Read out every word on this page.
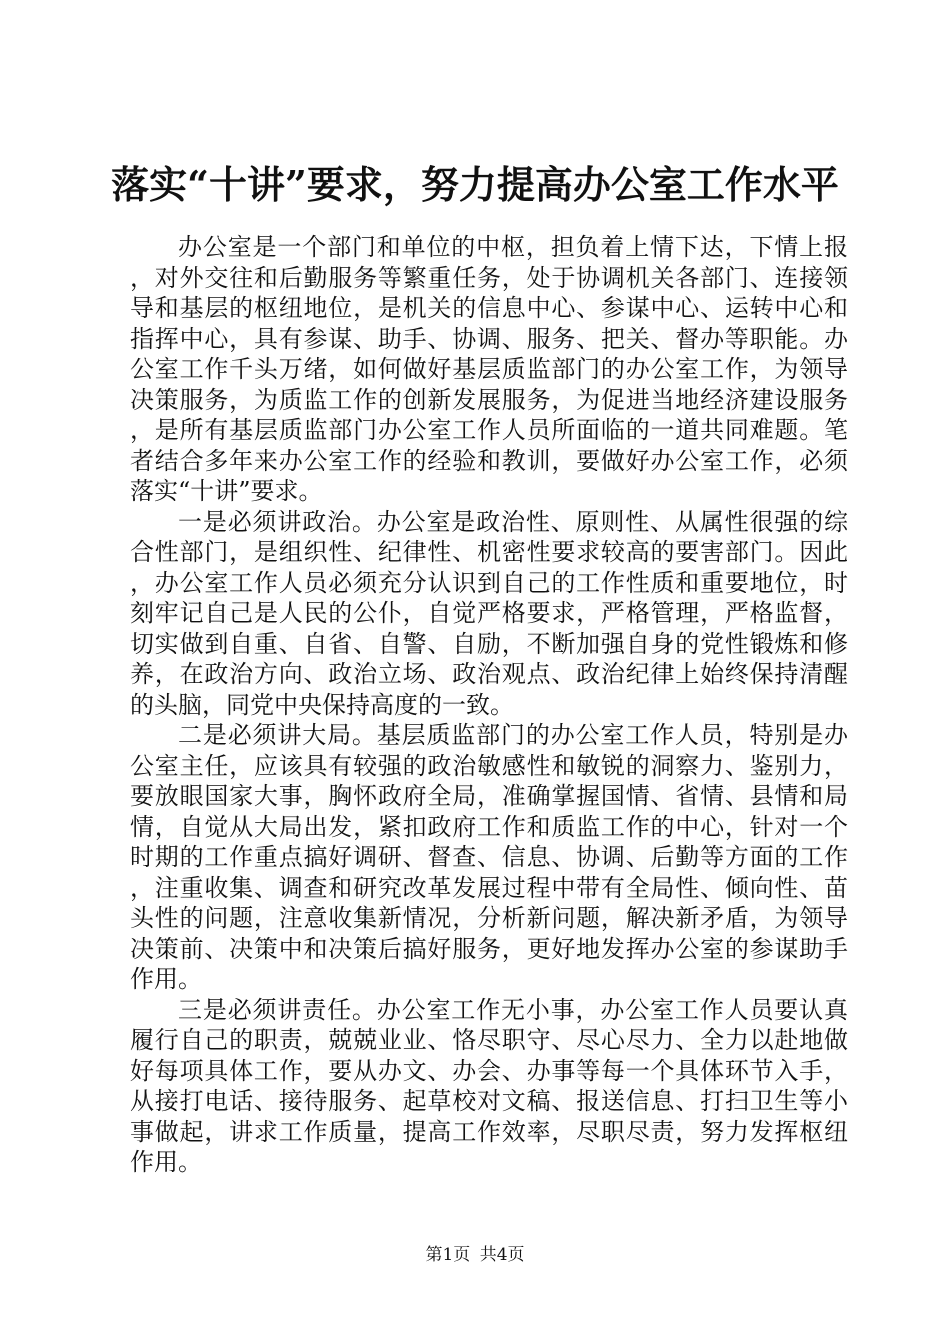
落实“十讲”要求，努力提高办公室工作水平

办公室是一个部门和单位的中枢，担负着上情下达，下情上报，对外交往和后勤服务等繁重任务，处于协调机关各部门、连接领导和基层的枢纽地位，是机关的信息中心、参谋中心、运转中心和指挥中心，具有参谋、助手、协调、服务、把关、督办等职能。办公室工作千头万绪，如何做好基层质监部门的办公室工作，为领导决策服务，为质监工作的创新发展服务，为促进当地经济建设服务，是所有基层质监部门办公室工作人员所面临的一道共同难题。笔者结合多年来办公室工作的经验和教训，要做好办公室工作，必须落实“十讲”要求。

一是必须讲政治。办公室是政治性、原则性、从属性很强的综合性部门，是组织性、纪律性、机密性要求较高的要害部门。因此，办公室工作人员必须充分认识到自己的工作性质和重要地位，时刻牢记自己是人民的公仆，自觉严格要求，严格管理，严格监督，切实做到自重、自省、自警、自励，不断加强自身的党性锻炼和修养，在政治方向、政治立场、政治观点、政治纪律上始终保持清醒的头脑，同党中央保持高度的一致。

二是必须讲大局。基层质监部门的办公室工作人员，特别是办公室主任，应该具有较强的政治敏感性和敏锐的洞察力、鉴别力，要放眼国家大事，胸怀政府全局，准确掌握国情、省情、县情和局情，自觉从大局出发，紧扣政府工作和质监工作的中心，针对一个时期的工作重点搞好调研、督查、信息、协调、后勤等方面的工作，注重收集、调查和研究改革发展过程中带有全局性、倾向性、苗头性的问题，注意收集新情况，分析新问题，解决新矛盾，为领导决策前、决策中和决策后搞好服务，更好地发挥办公室的参谋助手作用。

三是必须讲责任。办公室工作无小事，办公室工作人员要认真履行自己的职责，兢兢业业、恪尽职守、尽心尽力、全力以赴地做好每项具体工作，要从办文、办会、办事等每一个具体环节入手，从接打电话、接待服务、起草校对文稿、报送信息、打扫卫生等小事做起，讲求工作质量，提高工作效率，尽职尽责，努力发挥枢纽作用。

第1页 共4页
